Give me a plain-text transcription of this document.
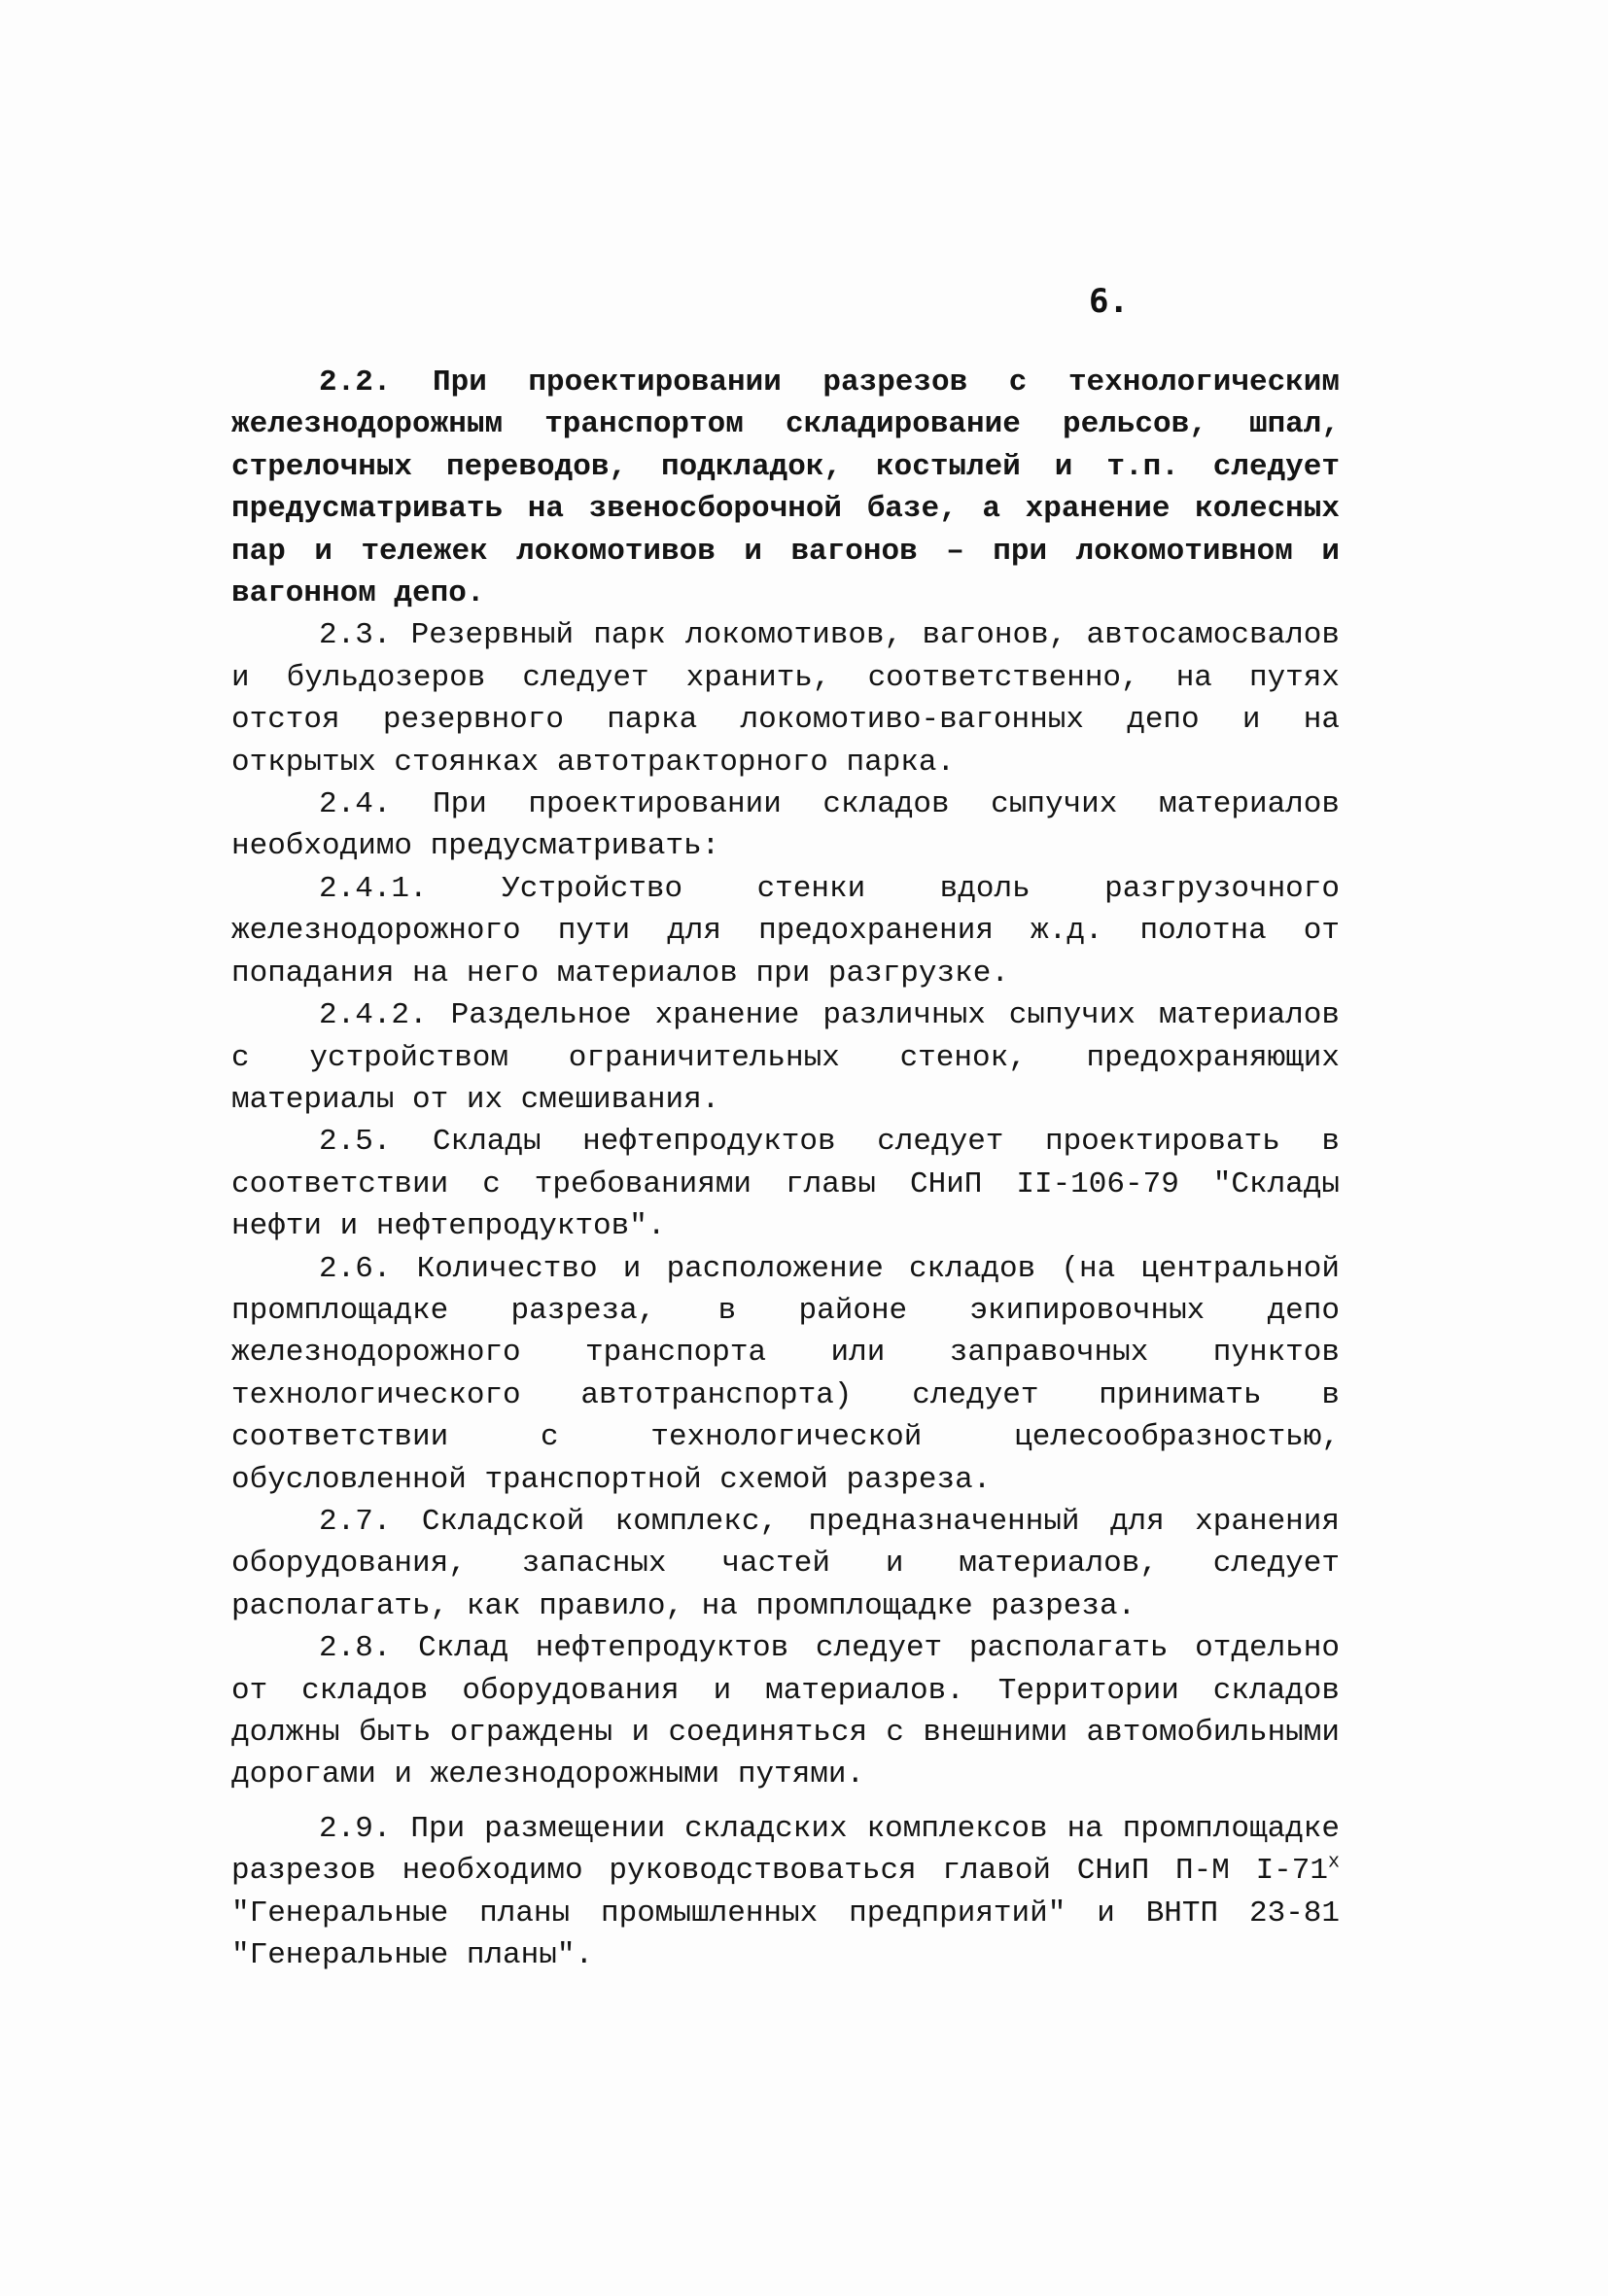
6.

2.2. При проектировании разрезов с технологическим железнодорожным транспортом складирование рельсов, шпал, стрелочных переводов, подкладок, костылей и т.п. следует предусматривать на звеносборочной базе, а хранение колесных пар и тележек локомотивов и вагонов – при локомотивном и вагонном депо.

2.3. Резервный парк локомотивов, вагонов, автосамосвалов и бульдозеров следует хранить, соответственно, на путях отстоя резервного парка локомотиво-вагонных депо и на открытых стоянках автотракторного парка.

2.4. При проектировании складов сыпучих материалов необходимо предусматривать:

2.4.1. Устройство стенки вдоль разгрузочного железнодорожного пути для предохранения ж.д. полотна от попадания на него материалов при разгрузке.

2.4.2. Раздельное хранение различных сыпучих материалов с устройством ограничительных стенок, предохраняющих материалы от их смешивания.

2.5. Склады нефтепродуктов следует проектировать в соответствии с требованиями главы СНиП II-106-79 "Склады нефти и нефтепродуктов".

2.6. Количество и расположение складов (на центральной промплощадке разреза, в районе экипировочных депо железнодорожного транспорта или заправочных пунктов технологического автотранспорта) следует принимать в соответствии с технологической целесообразностью, обусловленной транспортной схемой разреза.

2.7. Складской комплекс, предназначенный для хранения оборудования, запасных частей и материалов, следует располагать, как правило, на промплощадке разреза.

2.8. Склад нефтепродуктов следует располагать отдельно от складов оборудования и материалов. Территории складов должны быть ограждены и соединяться с внешними автомобильными дорогами и железнодорожными путями.

2.9. При размещении складских комплексов на промплощадке разрезов необходимо руководствоваться главой СНиП П-М $I-71^х$ "Генеральные планы промышленных предприятий" и ВНТП 23-81 "Генеральные планы".
